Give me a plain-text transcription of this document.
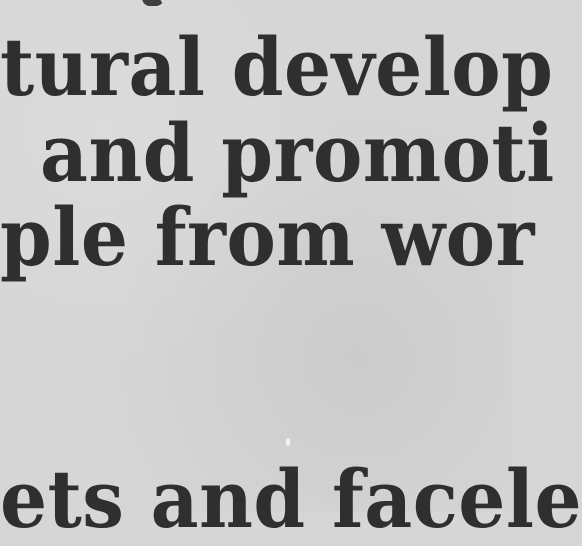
tural develop
and promoti
ple from wor
ets and facele
